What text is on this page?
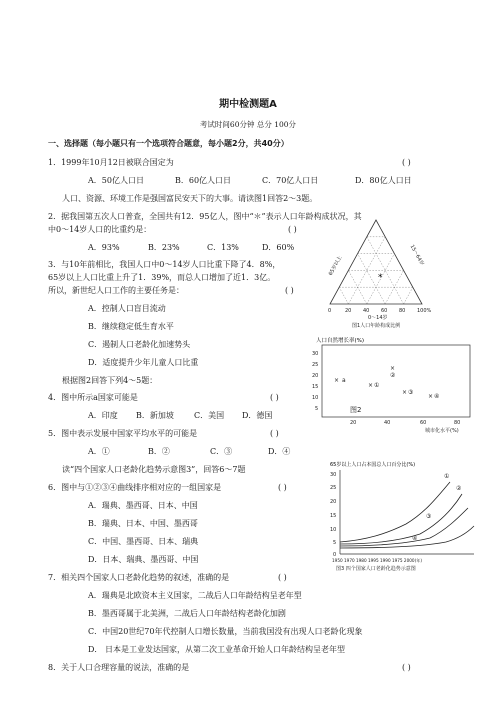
期中检测题A
考试时间60分钟 总分 100分
一、选择题（每小题只有一个选项符合题意，每小题2分，共40分）
1．1999年10月12日被联合国定为	( )
A．50亿人口日	B．60亿人口日	C．70亿人口日	D．80亿人口日
人口、资源、环境工作是强国富民安天下的大事。请读图1回答2～3题。
2．据我国第五次人口普查，全国共有12．95亿人，图中“＊”表示人口年龄构成状况，其
中0～14岁人口的比重约是：	( )
A．93%	B．23%	C．13%	D．60%
3．与10年前相比，我国人口中0～14岁人口比重下降了4．8%，
65岁以上人口比重上升了1．39%，而总人口增加了近1．3亿。
所以，新世纪人口工作的主要任务是：	( )
A．控制人口盲目流动
B．继续稳定低生育水平
C．遏制人口老龄化加速势头
D．适度提升少年儿童人口比重
根据图2回答下列4～5题：
4．图中所示a国家可能是	( )
A．印度 B．新加坡	C．美国 D．德国
5．图中表示发展中国家平均水平的可能是	( )
A．①	B．②	C．③	D．④
读“四个国家人口老龄化趋势示意图3”，回答6～7题
6．图中与①②③④曲线排序相对应的一组国家是	( )
A．瑞典、墨西哥、日本、中国
B．瑞典、日本、中国、墨西哥
C．中国、墨西哥、日本、瑞典
D．日本、瑞典、墨西哥、中国
7．相关四个国家人口老龄化趋势的叙述，准确的是	( )
A．瑞典是北欧资本主义国家，二战后人口年龄结构呈老年型
B．墨西哥属于北美洲，二战后人口年龄结构老龄化加剧
C．中国20世纪70年代控制人口增长数量，当前我国没有出现人口老龄化现象
D． 日本是工业发达国家，从第二次工业革命开始人口年龄结构呈老年型
8．关于人口合理容量的说法，准确的是	( )
*
0	20 40 60 80 100%
0～14岁
65岁以上	15～64岁
图1人口年龄构成比例
人口自然增长率(%)
30
25
20
15
10
5
20	40	60	80
城市化水平(%)
图2
× a
× ①
②
×
× ③
× ④
65岁以上人口占本国总人口百分比(%)
30
25
20
15
10
5
0
1950 1970 1980 1995 1990 1975 2000(年)
图3 四个国家人口老龄化趋势示意图
①
②
③
④
